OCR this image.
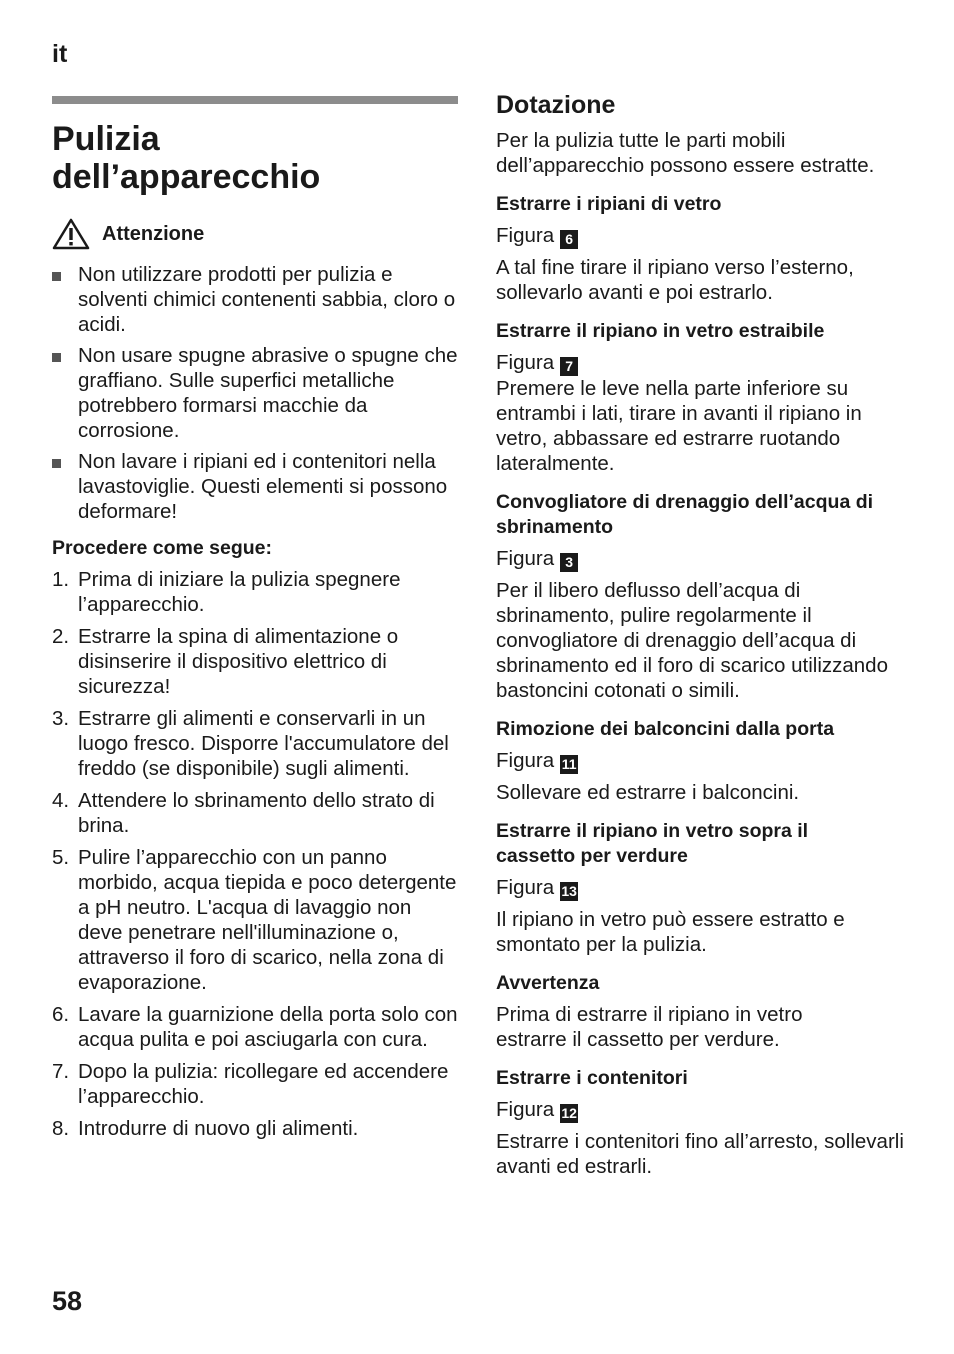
it
Pulizia dell’apparecchio
Attenzione
Non utilizzare prodotti per pulizia e solventi chimici contenenti sabbia, cloro o acidi.
Non usare spugne abrasive o spugne che graffiano. Sulle superfici metalliche potrebbero formarsi macchie da corrosione.
Non lavare i ripiani ed i contenitori nella lavastoviglie. Questi elementi si possono deformare!

Procedere come segue:

1. Prima di iniziare la pulizia spegnere l’apparecchio.
2. Estrarre la spina di alimentazione o disinserire il dispositivo elettrico di sicurezza!
3. Estrarre gli alimenti e conservarli in un luogo fresco. Disporre l'accumulatore del freddo (se disponibile) sugli alimenti.
4. Attendere lo sbrinamento dello strato di brina.
5. Pulire l’apparecchio con un panno morbido, acqua tiepida e poco detergente a pH neutro. L'acqua di lavaggio non deve penetrare nell'illuminazione o, attraverso il foro di scarico, nella zona di evaporazione.
6. Lavare la guarnizione della porta solo con acqua pulita e poi asciugarla con cura.
7. Dopo la pulizia: ricollegare ed accendere l’apparecchio.
8. Introdurre di nuovo gli alimenti.
Dotazione

Per la pulizia tutte le parti mobili dell’apparecchio possono essere estratte.

Estrarre i ripiani di vetro

Figura 6

A tal fine tirare il ripiano verso l’esterno, sollevarlo avanti e poi estrarlo.

Estrarre il ripiano in vetro estraibile

Figura 7

Premere le leve nella parte inferiore su entrambi i lati, tirare in avanti il ripiano in vetro, abbassare ed estrarre ruotando lateralmente.

Convogliatore di drenaggio dell’acqua di sbrinamento

Figura 3

Per il libero deflusso dell’acqua di sbrinamento, pulire regolarmente il convogliatore di drenaggio dell’acqua di sbrinamento ed il foro di scarico utilizzando bastoncini cotonati o simili.

Rimozione dei balconcini dalla porta

Figura 11

Sollevare ed estrarre i balconcini.

Estrarre il ripiano in vetro sopra il cassetto per verdure

Figura 13

Il ripiano in vetro può essere estratto e smontato per la pulizia.

Avvertenza

Prima di estrarre il ripiano in vetro estrarre il cassetto per verdure.

Estrarre i contenitori

Figura 12

Estrarre i contenitori fino all’arresto, sollevarli avanti ed estrarli.

58
